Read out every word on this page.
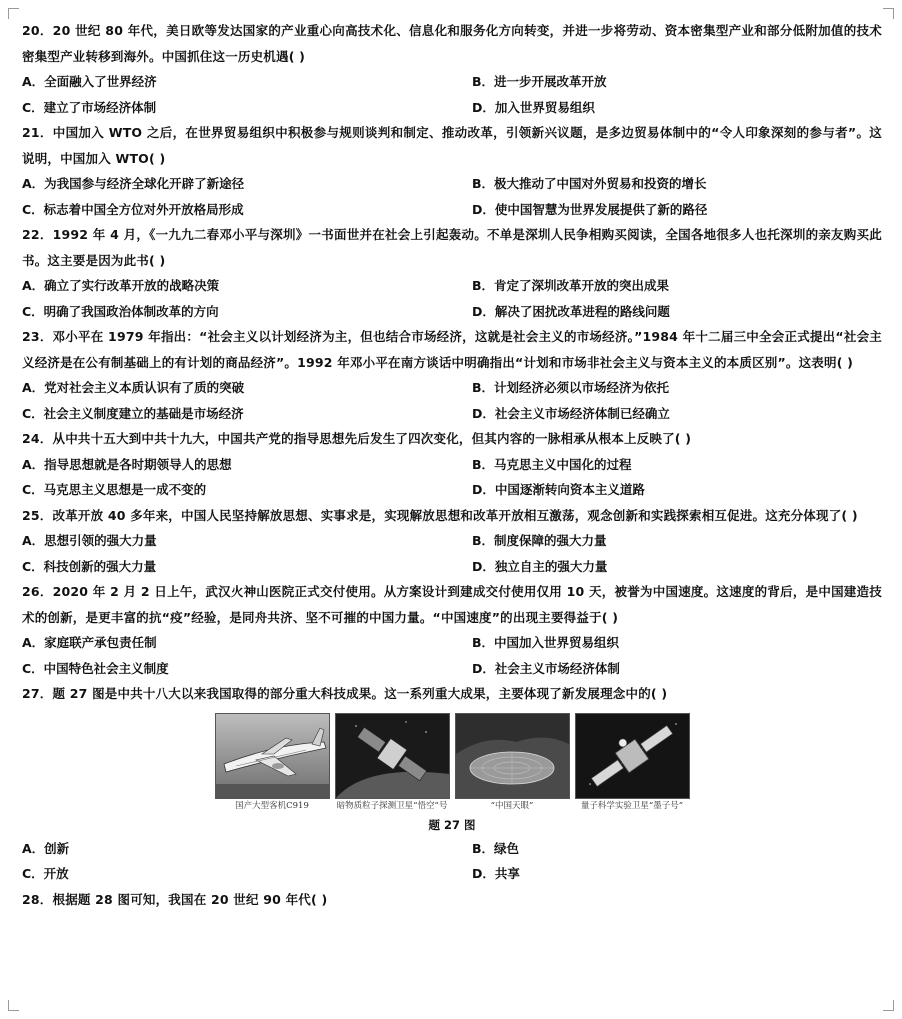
20．20 世纪 80 年代，美日欧等发达国家的产业重心向高技术化、信息化和服务化方向转变，并进一步将劳动、资本密集型产业和部分低附加值的技术密集型产业转移到海外。中国抓住这一历史机遇( )

A．全面融入了世界经济	B．进一步开展改革开放
C．建立了市场经济体制	D．加入世界贸易组织

21．中国加入 WTO 之后，在世界贸易组织中积极参与规则谈判和制定、推动改革，引领新兴议题，是多边贸易体制中的“令人印象深刻的参与者”。这说明，中国加入 WTO( )

A．为我国参与经济全球化开辟了新途径	B．极大推动了中国对外贸易和投资的增长
C．标志着中国全方位对外开放格局形成	D．使中国智慧为世界发展提供了新的路径

22．1992 年 4 月，《一九九二春邓小平与深圳》一书面世并在社会上引起轰动。不单是深圳人民争相购买阅读，全国各地很多人也托深圳的亲友购买此书。这主要是因为此书( )

A．确立了实行改革开放的战略决策	B．肯定了深圳改革开放的突出成果
C．明确了我国政治体制改革的方向	D．解决了困扰改革进程的路线问题

23．邓小平在 1979 年指出：“社会主义以计划经济为主，但也结合市场经济，这就是社会主义的市场经济。”1984 年十二届三中全会正式提出“社会主义经济是在公有制基础上的有计划的商品经济”。1992 年邓小平在南方谈话中明确指出“计划和市场非社会主义与资本主义的本质区别”。这表明( )

A．党对社会主义本质认识有了质的突破	B．计划经济必须以市场经济为依托
C．社会主义制度建立的基础是市场经济	D．社会主义市场经济体制已经确立

24．从中共十五大到中共十九大，中国共产党的指导思想先后发生了四次变化，但其内容的一脉相承从根本上反映了( )

A．指导思想就是各时期领导人的思想	B．马克思主义中国化的过程
C．马克思主义思想是一成不变的	D．中国逐渐转向资本主义道路

25．改革开放 40 多年来，中国人民坚持解放思想、实事求是，实现解放思想和改革开放相互激荡，观念创新和实践探索相互促进。这充分体现了( )

A．思想引领的强大力量	B．制度保障的强大力量
C．科技创新的强大力量	D．独立自主的强大力量

26．2020 年 2 月 2 日上午，武汉火神山医院正式交付使用。从方案设计到建成交付使用仅用 10 天，被誉为中国速度。这速度的背后，是中国建造技术的创新，是更丰富的抗“疫”经验，是同舟共济、坚不可摧的中国力量。“中国速度”的出现主要得益于( )

A．家庭联产承包责任制	B．中国加入世界贸易组织
C．中国特色社会主义制度	D．社会主义市场经济体制

27．题 27 图是中共十八大以来我国取得的部分重大科技成果。这一系列重大成果，主要体现了新发展理念中的( )

国产大型客机C919	暗物质粒子探测卫星“悟空”号	“中国天眼”	量子科学实验卫星“墨子号”
题 27 图
A．创新	B．绿色
C．开放	D．共享

28．根据题 28 图可知，我国在 20 世纪 90 年代( )
